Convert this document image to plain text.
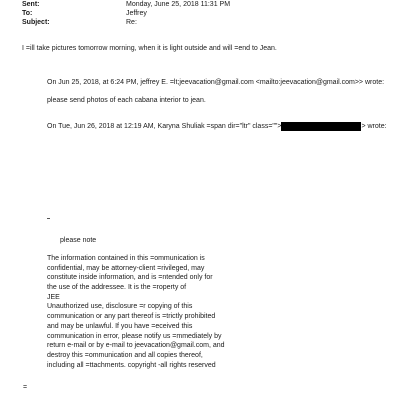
Sent:	Monday, June 25, 2018 11:31 PM
To:	Jeffrey
Subject:	Re:
I =ill take pictures tomorrow morning, when it is light outside and will =end to Jean.
On Jun 25, 2018, at 6:24 PM, jeffrey E. =lt;jeevacation@gmail.com <mailto:jeevacation@gmail.com>> wrote:
please send photos of each cabana interior to jean.
On Tue, Jun 26, 2018 at 12:19 AM, Karyna Shuliak =span dir="ltr" class="">	> wrote:
please note
The information contained in this =ommunication is
confidential, may be attorney-client =rivileged, may
constitute inside information, and is =ntended only for
the use of the addressee. It is the =roperty of
JEE
Unauthorized use, disclosure =r copying of this
communication or any part thereof is =trictly prohibited
and may be unlawful. If you have =eceived this
communication in error, please notify us =mmediately by
return e-mail or by e-mail to jeevacation@gmail.com, and
destroy this =ommunication and all copies thereof,
including all =ttachments. copyright -all rights reserved
=
